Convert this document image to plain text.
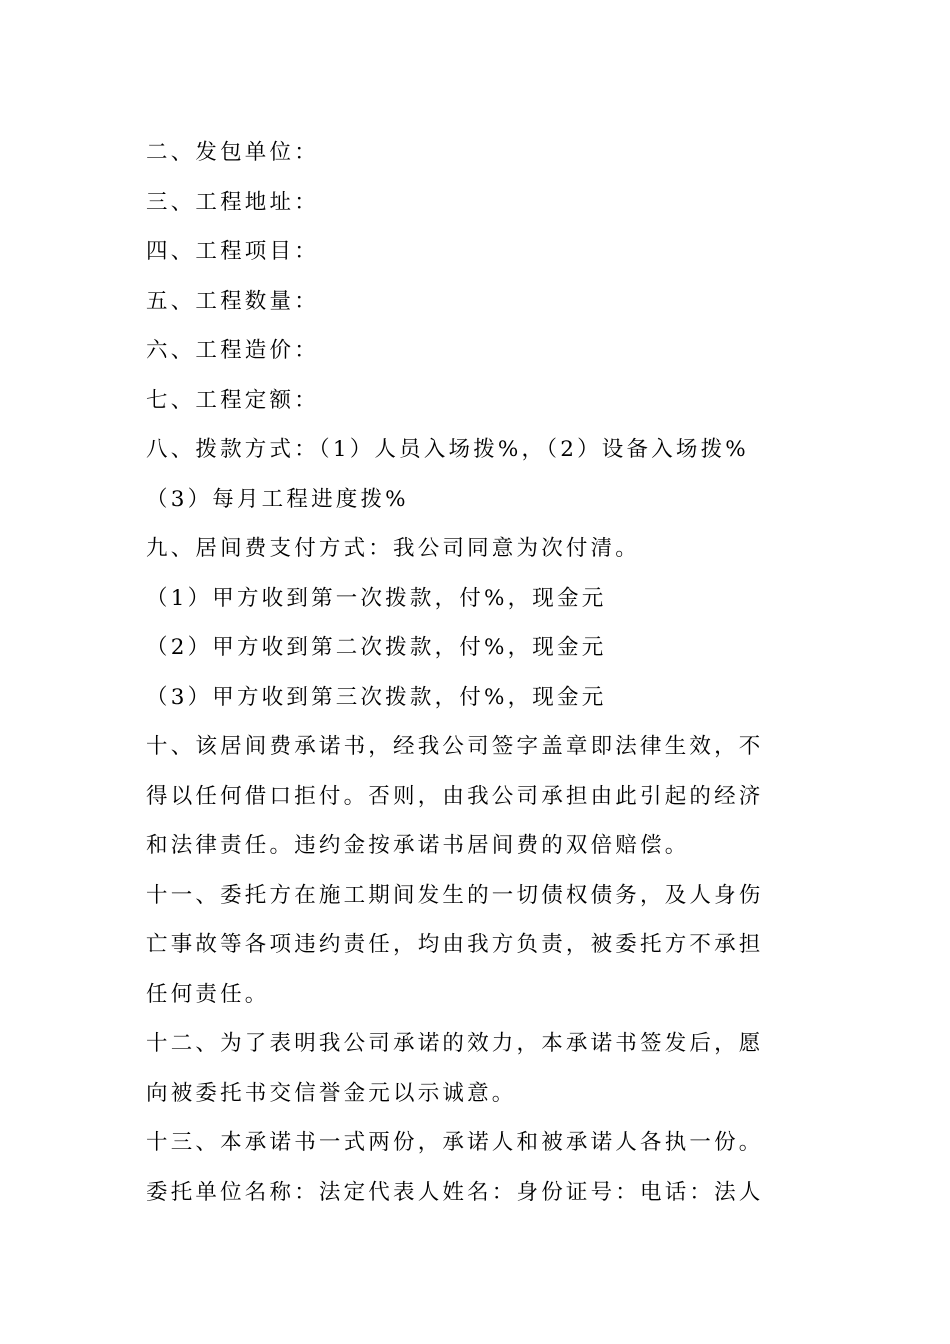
二、发包单位：
三、工程地址：
四、工程项目：
五、工程数量：
六、工程造价：
七、工程定额：
八、拨款方式：（1）人员入场拨%，（2）设备入场拨%
（3）每月工程进度拨%
九、居间费支付方式：我公司同意为次付清。
（1）甲方收到第一次拨款，付%，现金元
（2）甲方收到第二次拨款，付%，现金元
（3）甲方收到第三次拨款，付%，现金元
十、该居间费承诺书，经我公司签字盖章即法律生效，不
得以任何借口拒付。否则，由我公司承担由此引起的经济
和法律责任。违约金按承诺书居间费的双倍赔偿。
十一、委托方在施工期间发生的一切债权债务，及人身伤
亡事故等各项违约责任，均由我方负责，被委托方不承担
任何责任。
十二、为了表明我公司承诺的效力，本承诺书签发后，愿
向被委托书交信誉金元以示诚意。
十三、本承诺书一式两份，承诺人和被承诺人各执一份。
委托单位名称：法定代表人姓名：身份证号：电话：法人
